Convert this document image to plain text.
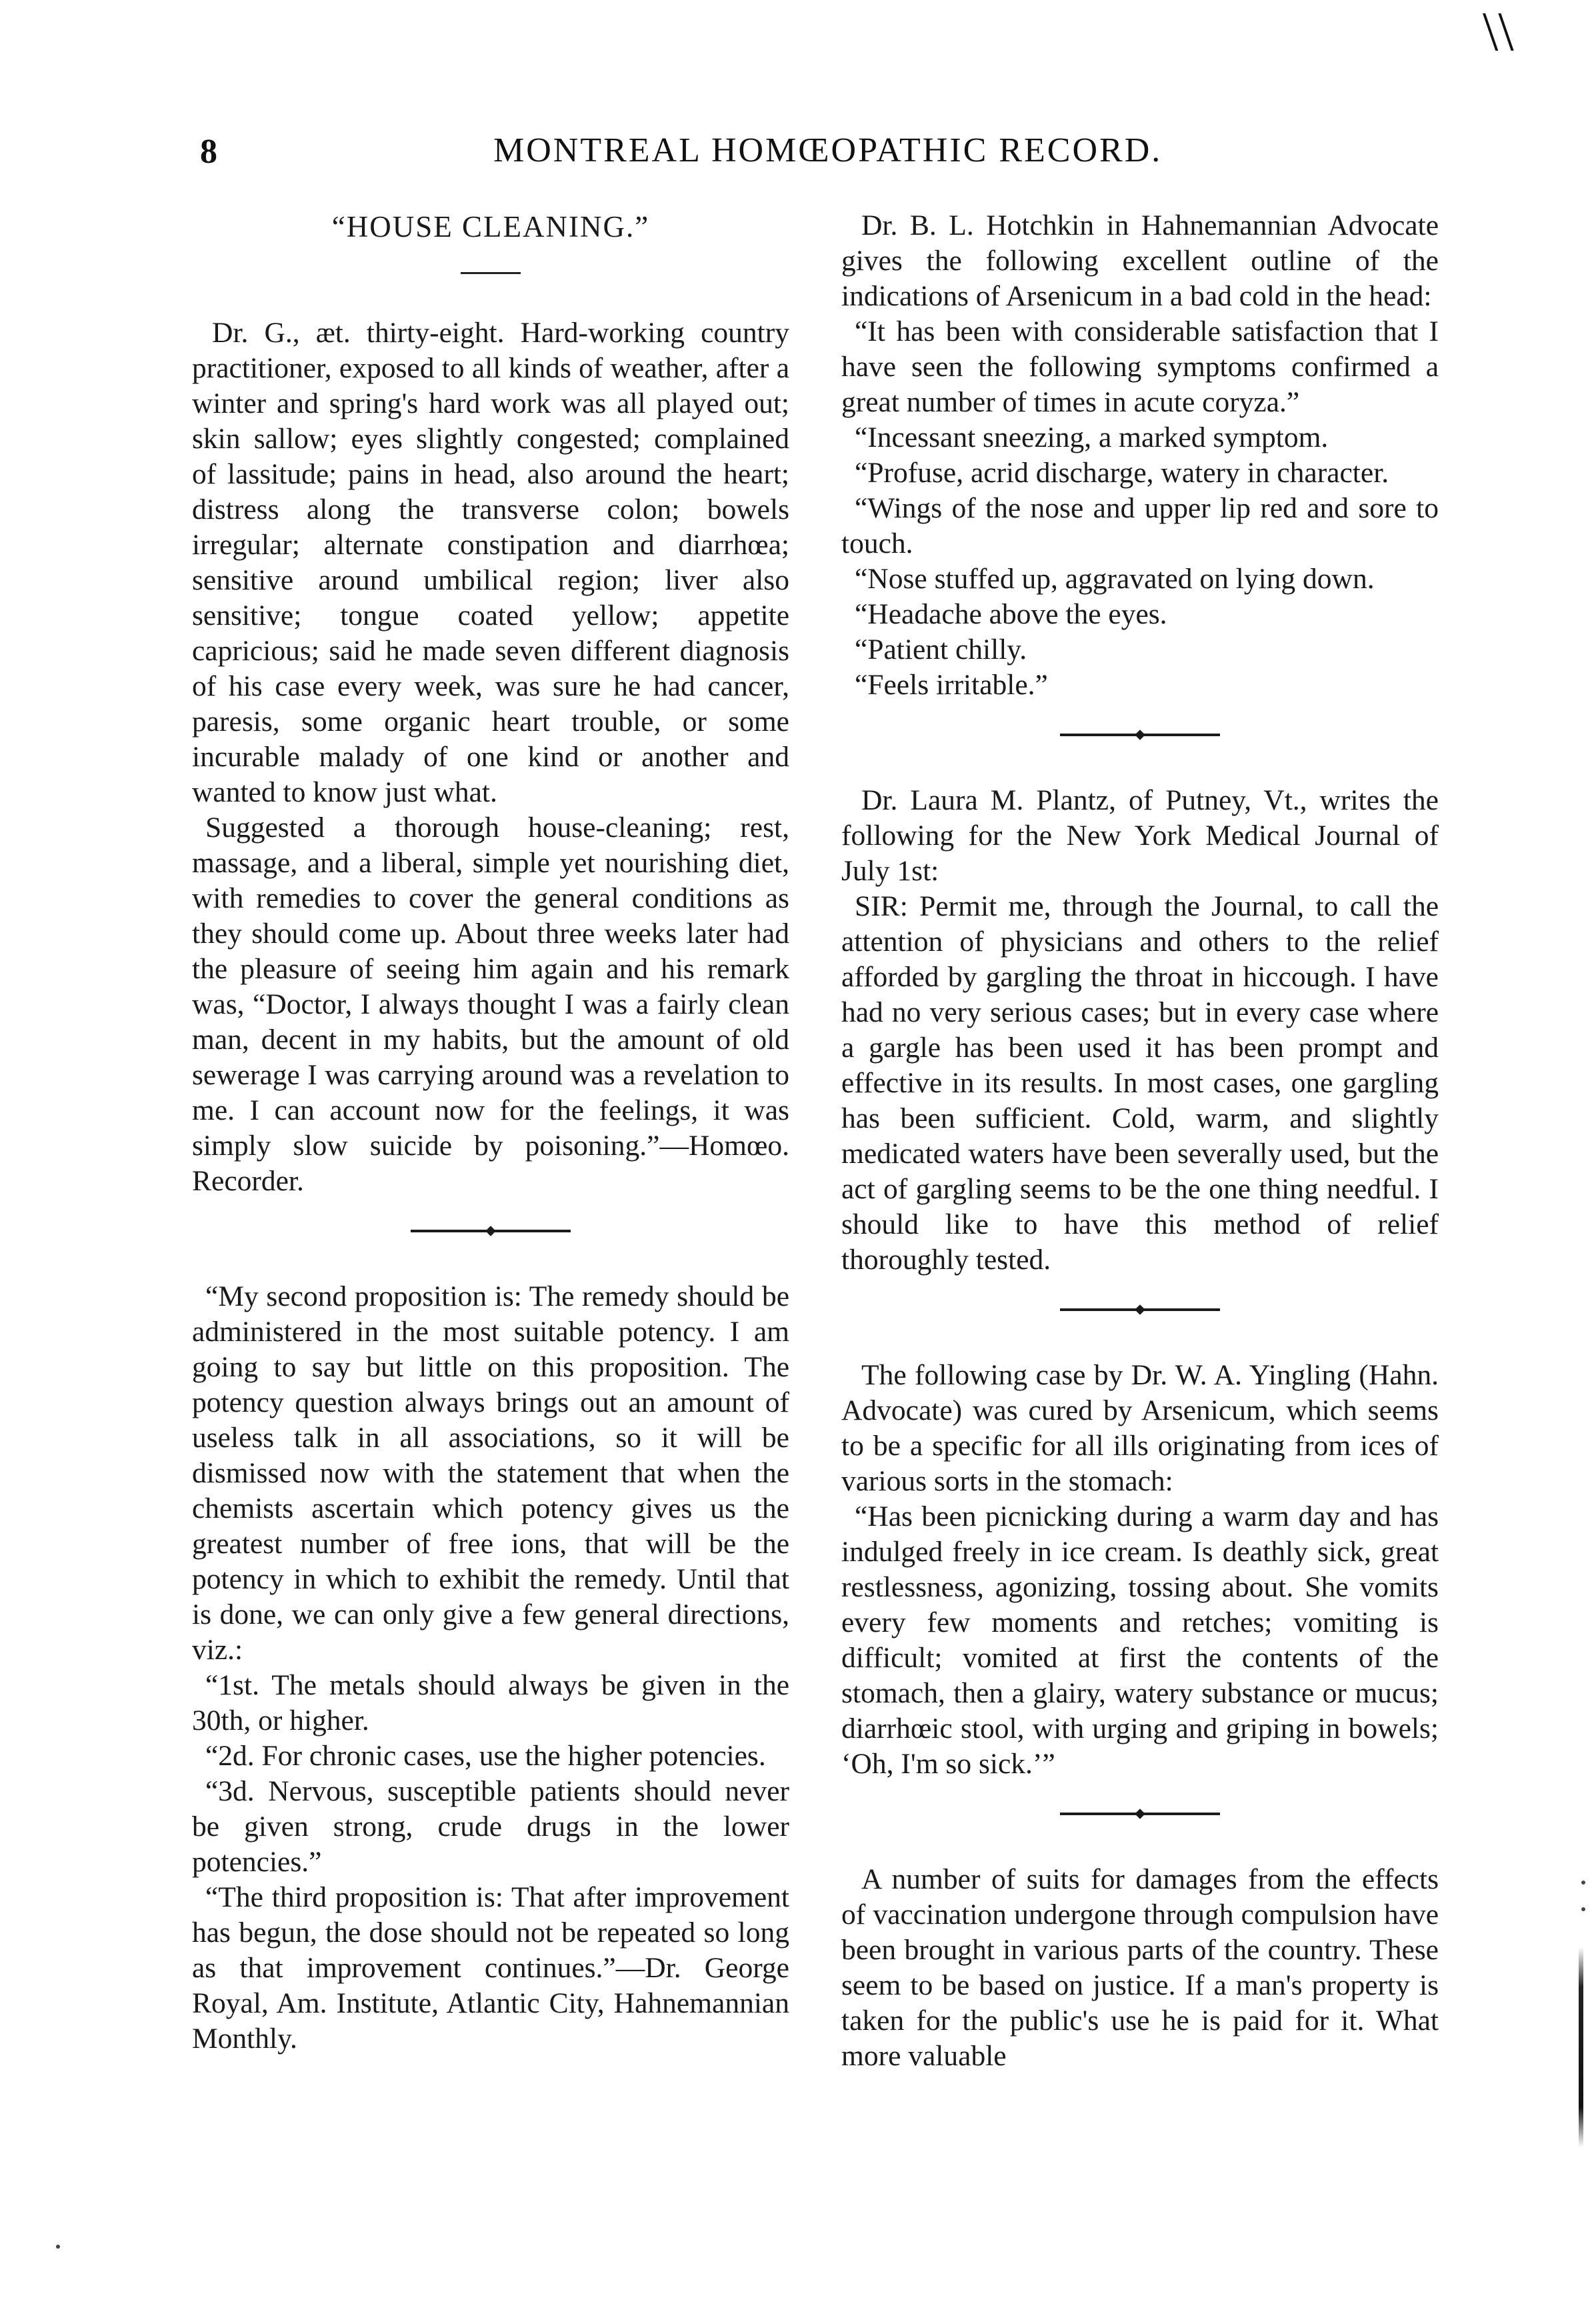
\\
8	MONTREAL HOMŒOPATHIC RECORD.
“HOUSE CLEANING.”

Dr. G., æt. thirty-eight. Hard-working country practitioner, exposed to all kinds of weather, after a winter and spring's hard work was all played out; skin sallow; eyes slightly congested; complained of lassitude; pains in head, also around the heart; distress along the transverse colon; bowels irregular; alternate constipation and diarrhœa; sensitive around umbilical region; liver also sensitive; tongue coated yellow; appetite capricious; said he made seven different diagnosis of his case every week, was sure he had cancer, paresis, some organic heart trouble, or some incurable malady of one kind or another and wanted to know just what.

Suggested a thorough house-cleaning; rest, massage, and a liberal, simple yet nourishing diet, with remedies to cover the general conditions as they should come up. About three weeks later had the pleasure of seeing him again and his remark was, “Doctor, I always thought I was a fairly clean man, decent in my habits, but the amount of old sewerage I was carrying around was a revelation to me. I can account now for the feelings, it was simply slow suicide by poisoning.”—Homœo. Recorder.

“My second proposition is: The remedy should be administered in the most suitable potency. I am going to say but little on this proposition. The potency question always brings out an amount of useless talk in all associations, so it will be dismissed now with the statement that when the chemists ascertain which potency gives us the greatest number of free ions, that will be the potency in which to exhibit the remedy. Until that is done, we can only give a few general directions, viz.:

“1st. The metals should always be given in the 30th, or higher.

“2d. For chronic cases, use the higher potencies.

“3d. Nervous, susceptible patients should never be given strong, crude drugs in the lower potencies.”

“The third proposition is: That after improvement has begun, the dose should not be repeated so long as that improvement continues.”—Dr. George Royal, Am. Institute, Atlantic City, Hahnemannian Monthly.

Dr. B. L. Hotchkin in Hahnemannian Advocate gives the following excellent outline of the indications of Arsenicum in a bad cold in the head:

“It has been with considerable satisfaction that I have seen the following symptoms confirmed a great number of times in acute coryza.”

“Incessant sneezing, a marked symptom.

“Profuse, acrid discharge, watery in character.

“Wings of the nose and upper lip red and sore to touch.

“Nose stuffed up, aggravated on lying down.

“Headache above the eyes.

“Patient chilly.

“Feels irritable.”

Dr. Laura M. Plantz, of Putney, Vt., writes the following for the New York Medical Journal of July 1st:

SIR: Permit me, through the Journal, to call the attention of physicians and others to the relief afforded by gargling the throat in hiccough. I have had no very serious cases; but in every case where a gargle has been used it has been prompt and effective in its results. In most cases, one gargling has been sufficient. Cold, warm, and slightly medicated waters have been severally used, but the act of gargling seems to be the one thing needful. I should like to have this method of relief thoroughly tested.

The following case by Dr. W. A. Yingling (Hahn. Advocate) was cured by Arsenicum, which seems to be a specific for all ills originating from ices of various sorts in the stomach:

“Has been picnicking during a warm day and has indulged freely in ice cream. Is deathly sick, great restlessness, agonizing, tossing about. She vomits every few moments and retches; vomiting is difficult; vomited at first the contents of the stomach, then a glairy, watery substance or mucus; diarrhœic stool, with urging and griping in bowels; ‘Oh, I'm so sick.’”

A number of suits for damages from the effects of vaccination undergone through compulsion have been brought in various parts of the country. These seem to be based on justice. If a man's property is taken for the public's use he is paid for it. What more valuable
